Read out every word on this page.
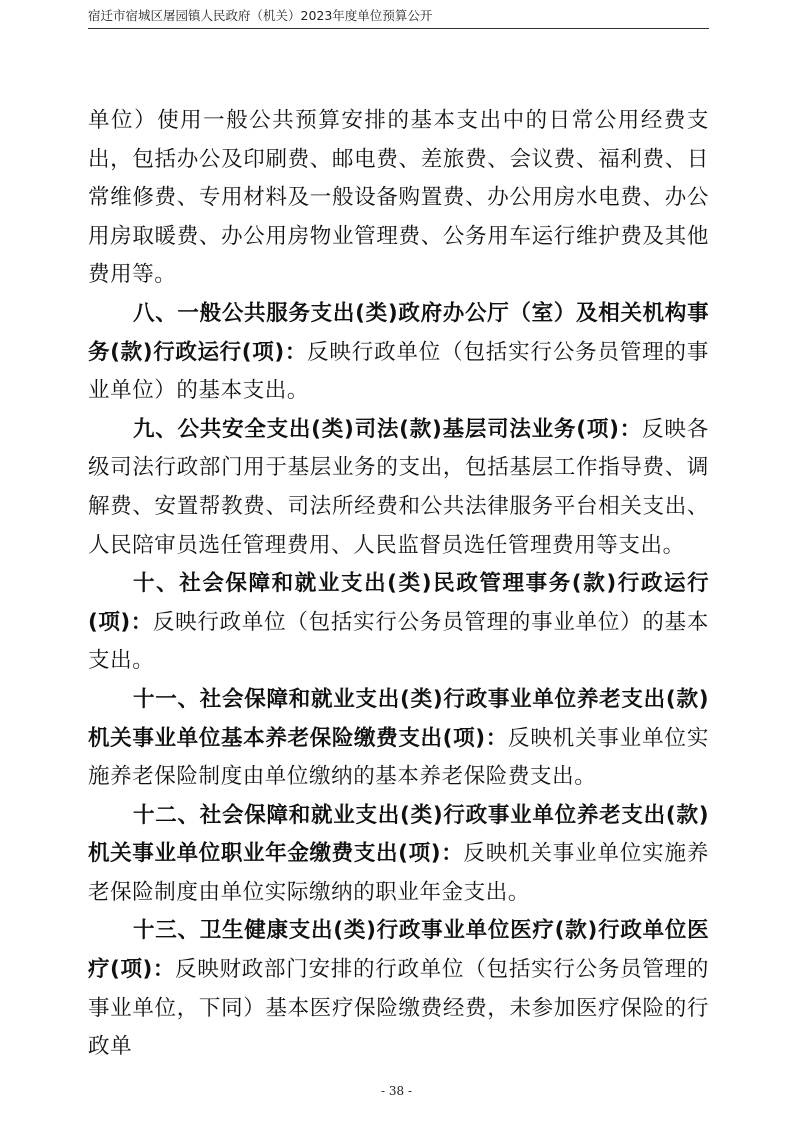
宿迁市宿城区屠园镇人民政府（机关）2023年度单位预算公开

单位）使用一般公共预算安排的基本支出中的日常公用经费支出，包括办公及印刷费、邮电费、差旅费、会议费、福利费、日常维修费、专用材料及一般设备购置费、办公用房水电费、办公用房取暖费、办公用房物业管理费、公务用车运行维护费及其他费用等。

八、一般公共服务支出(类)政府办公厅（室）及相关机构事务(款)行政运行(项)：反映行政单位（包括实行公务员管理的事业单位）的基本支出。

九、公共安全支出(类)司法(款)基层司法业务(项)：反映各级司法行政部门用于基层业务的支出，包括基层工作指导费、调解费、安置帮教费、司法所经费和公共法律服务平台相关支出、人民陪审员选任管理费用、人民监督员选任管理费用等支出。

十、社会保障和就业支出(类)民政管理事务(款)行政运行(项)：反映行政单位（包括实行公务员管理的事业单位）的基本支出。

十一、社会保障和就业支出(类)行政事业单位养老支出(款)机关事业单位基本养老保险缴费支出(项)：反映机关事业单位实施养老保险制度由单位缴纳的基本养老保险费支出。

十二、社会保障和就业支出(类)行政事业单位养老支出(款)机关事业单位职业年金缴费支出(项)：反映机关事业单位实施养老保险制度由单位实际缴纳的职业年金支出。

十三、卫生健康支出(类)行政事业单位医疗(款)行政单位医疗(项)：反映财政部门安排的行政单位（包括实行公务员管理的事业单位，下同）基本医疗保险缴费经费，未参加医疗保险的行政单

- 38 -
